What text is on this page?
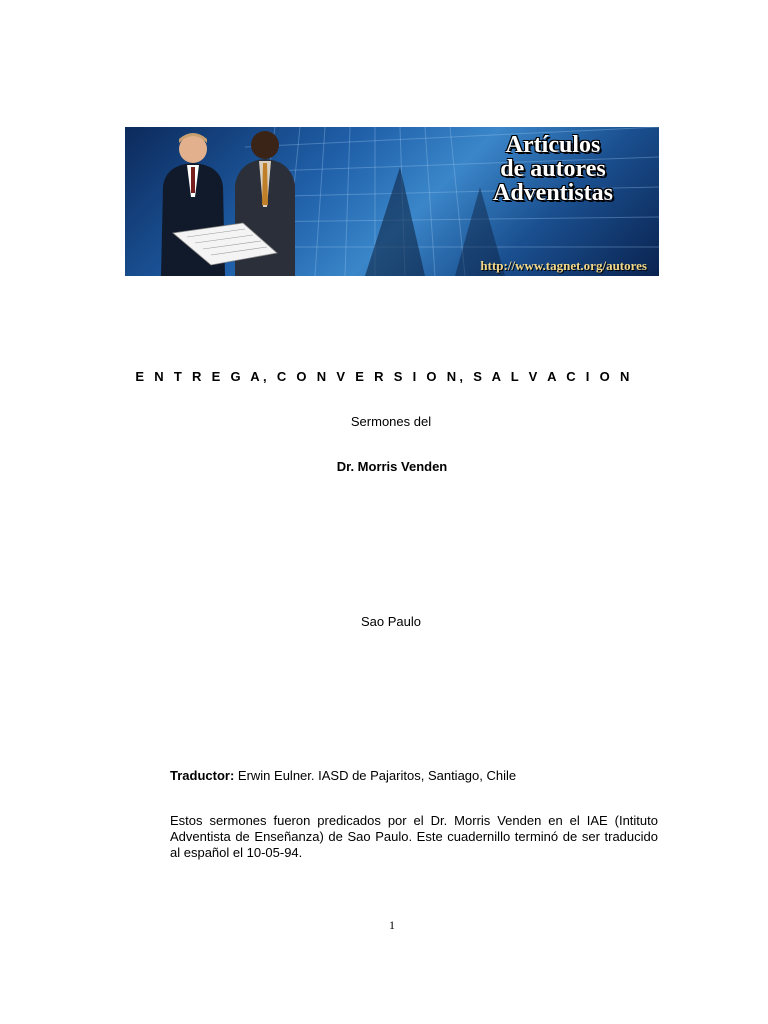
Artículos
de autores
Adventistas
http://www.tagnet.org/autores
E N T R E G A, C O N V E R S I O N, S A L V A C I O N
Sermones del
Dr. Morris Venden
Sao Paulo
Traductor: Erwin Eulner. IASD de Pajaritos, Santiago, Chile
Estos sermones fueron predicados por el Dr. Morris Venden en el IAE (Intituto Adventista de Enseñanza) de Sao Paulo. Este cuadernillo terminó de ser traducido al español el 10-05-94.
1
